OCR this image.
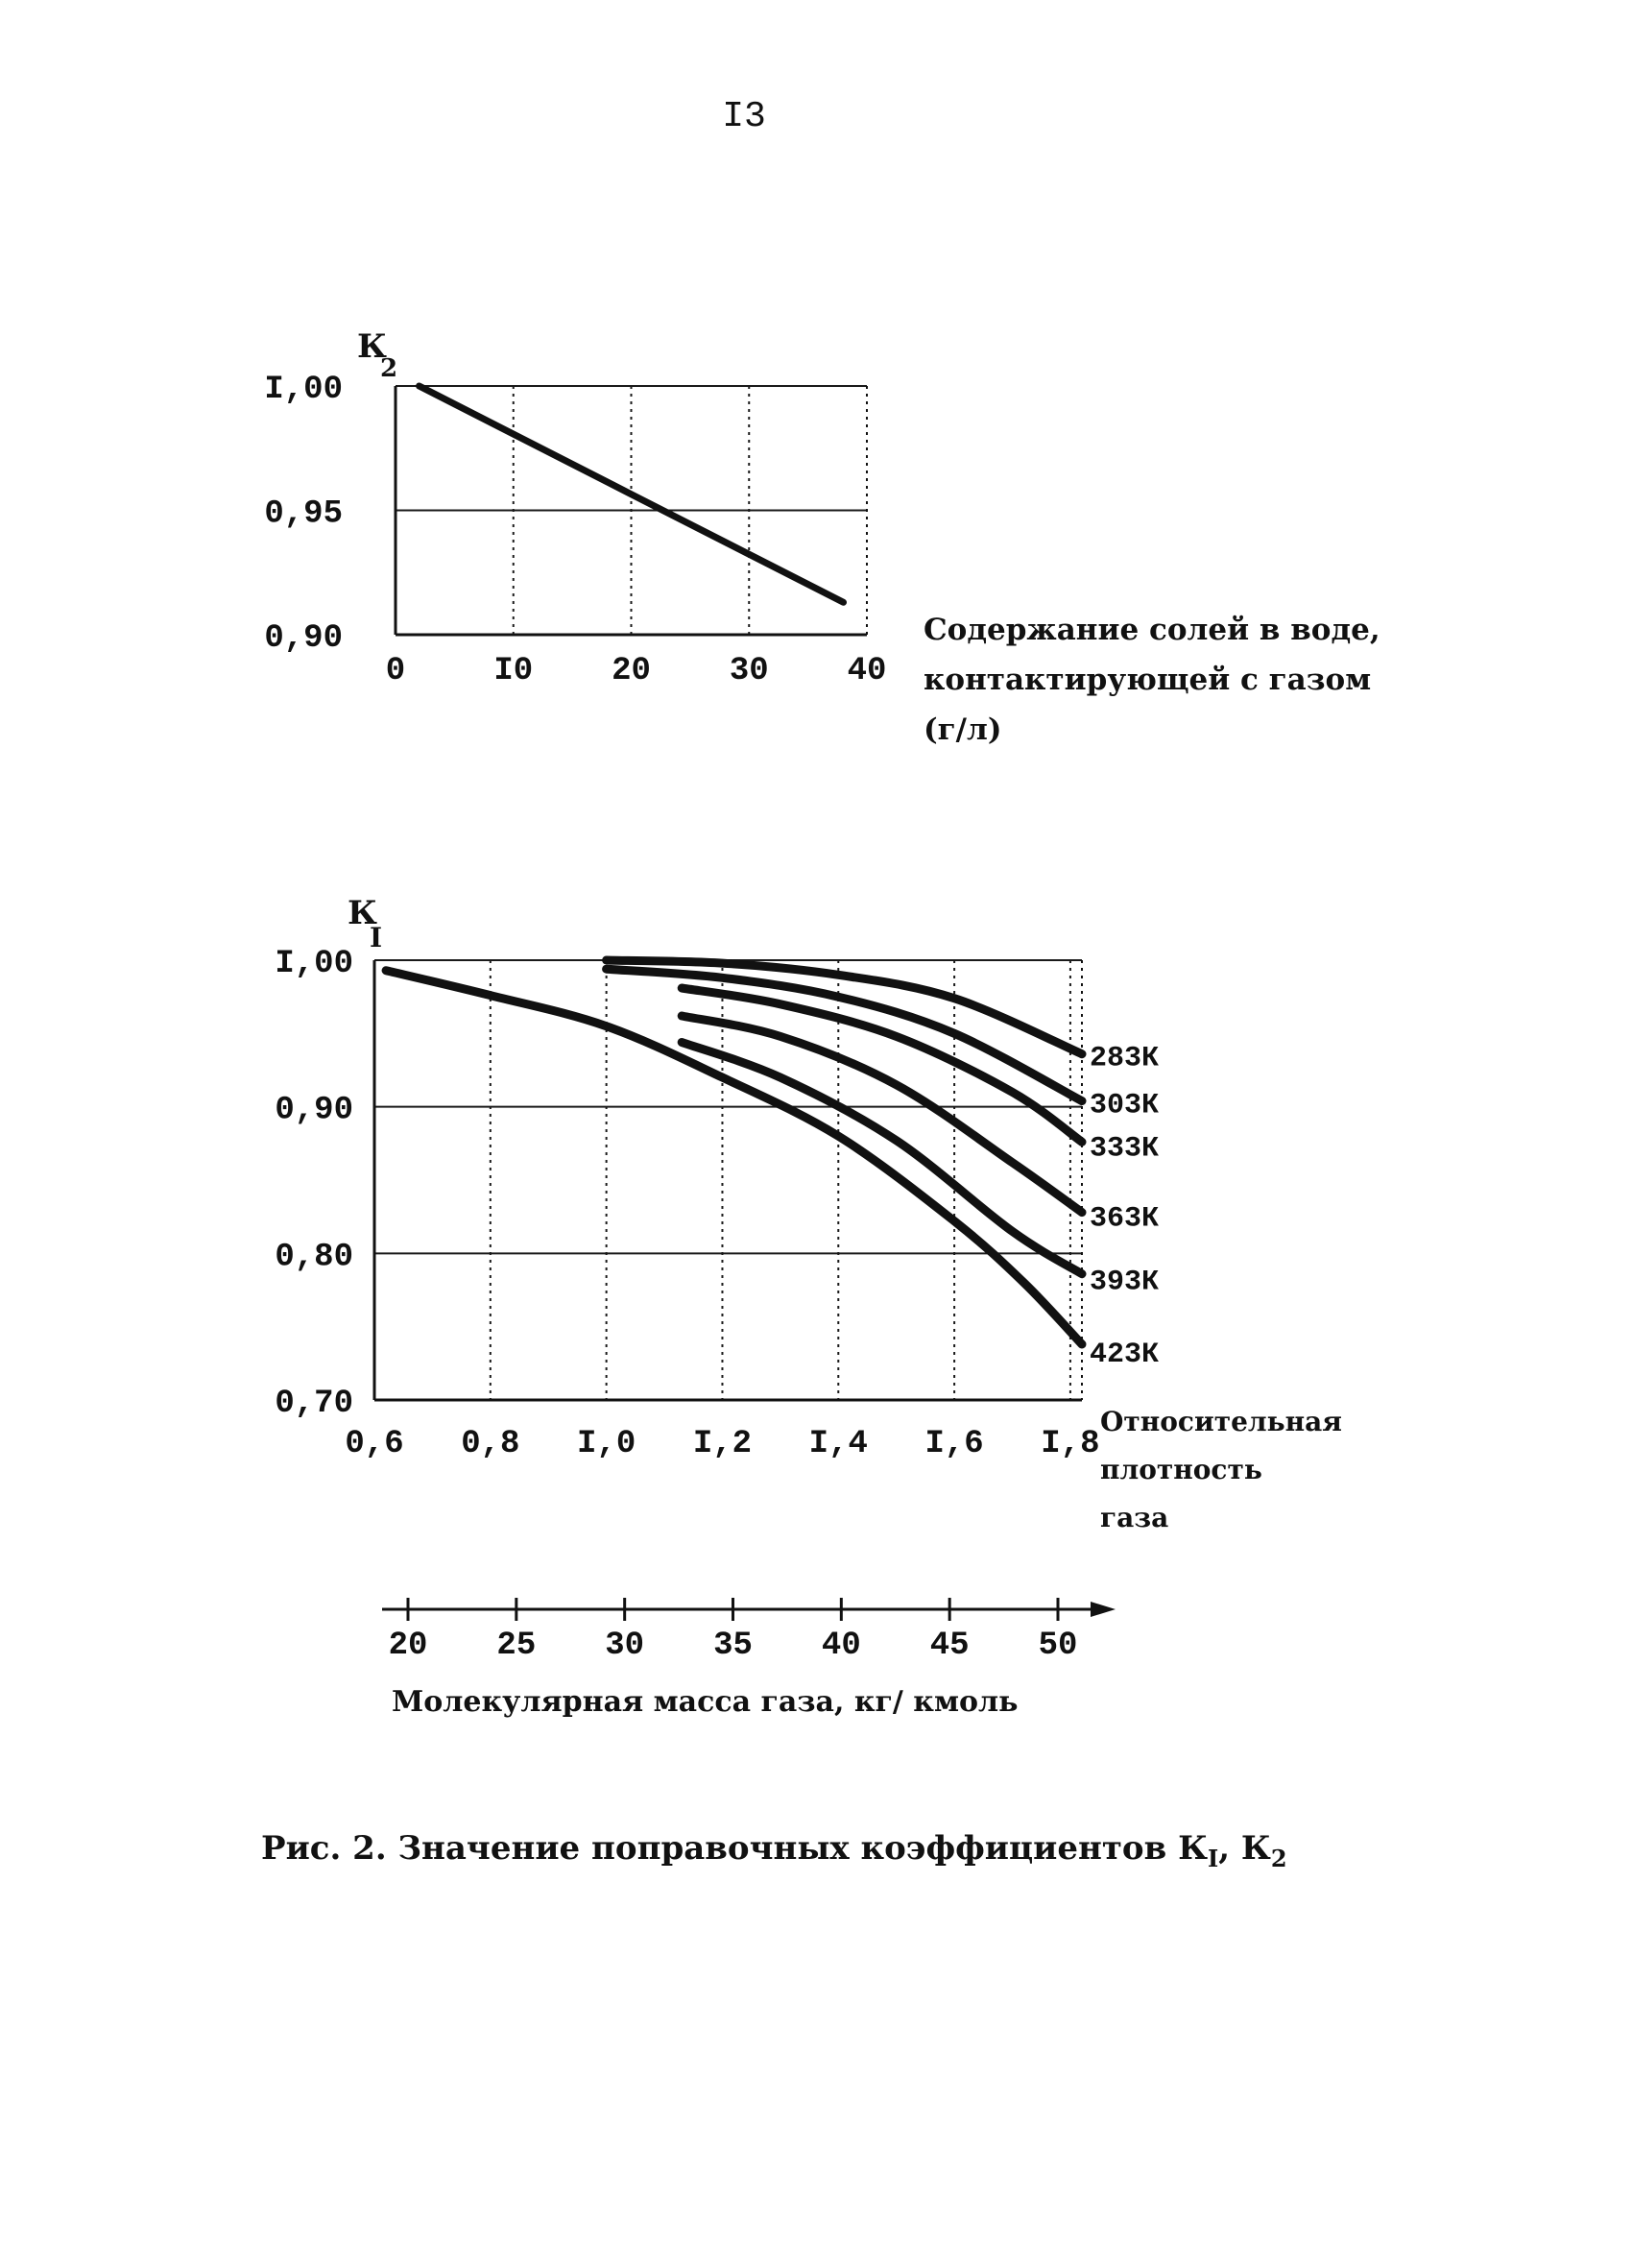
I3
0	I0 20 30 40
0,90
0,95
I,00
К
2
Содержание солей в воде,
контактирующей с газом
(г/л)
283К
303К
333К
363К
393К
423К
0,6 0,8 I,0 I,2 I,4 I,6 I,8
0,70
0,80
0,90
I,00
К
I
Относительная
плотность
газа
20 25 30 35 40 45 50
Молекулярная масса газа, кг/ кмоль
Рис. 2. Значение поправочных коэффициентов $К_I$, $К_2$
